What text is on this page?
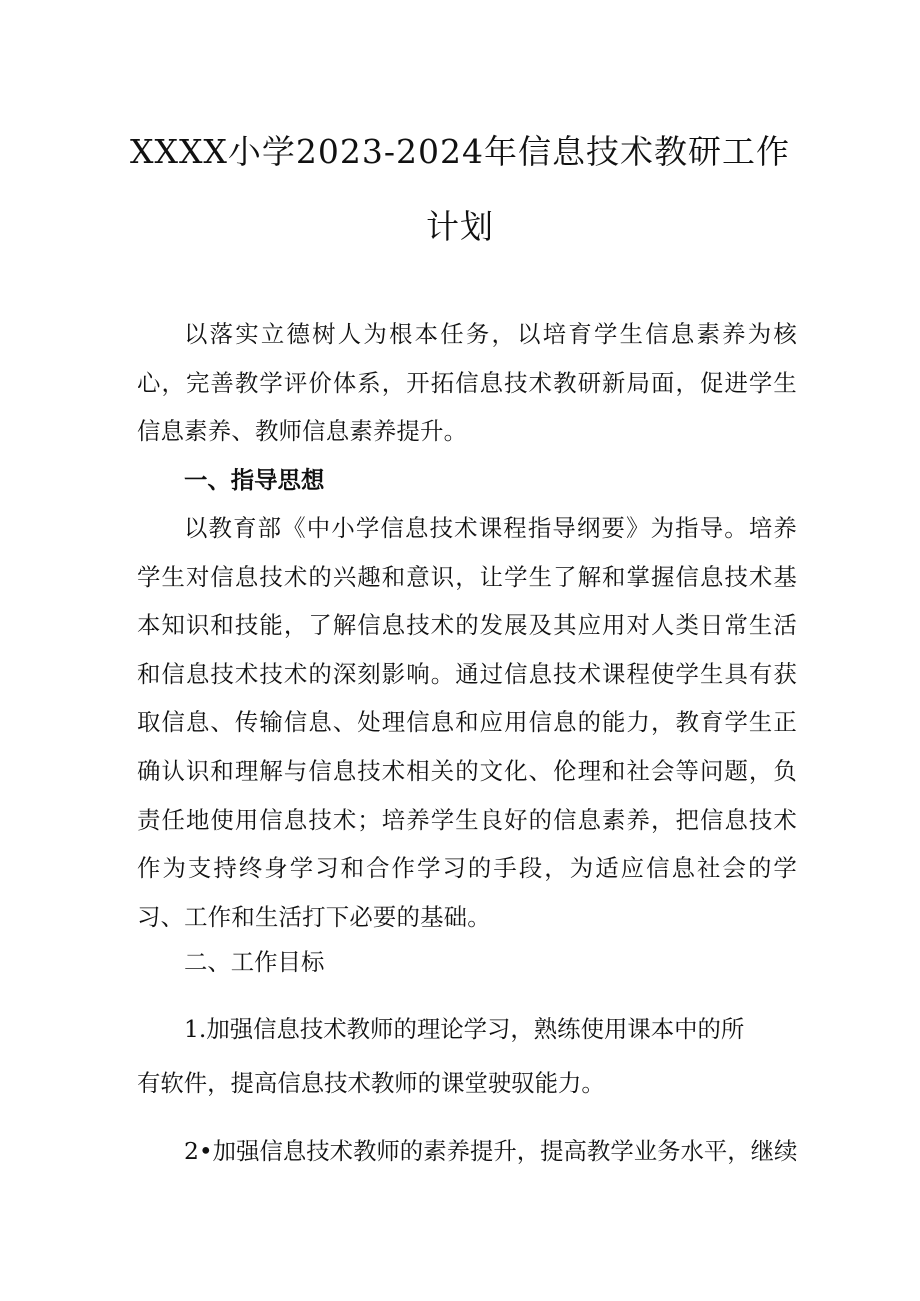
XXXX小学2023-2024年信息技术教研工作
计划

以落实立德树人为根本任务，以培育学生信息素养为核心，完善教学评价体系，开拓信息技术教研新局面，促进学生信息素养、教师信息素养提升。

一、指导思想

以教育部《中小学信息技术课程指导纲要》为指导。培养学生对信息技术的兴趣和意识，让学生了解和掌握信息技术基本知识和技能，了解信息技术的发展及其应用对人类日常生活和信息技术技术的深刻影响。通过信息技术课程使学生具有获取信息、传输信息、处理信息和应用信息的能力，教育学生正确认识和理解与信息技术相关的文化、伦理和社会等问题，负责任地使用信息技术；培养学生良好的信息素养，把信息技术作为支持终身学习和合作学习的手段，为适应信息社会的学习、工作和生活打下必要的基础。

二、工作目标

1.加强信息技术教师的理论学习，熟练使用课本中的所
有软件，提高信息技术教师的课堂驶驭能力。
2•加强信息技术教师的素养提升，提高教学业务水平，继续
